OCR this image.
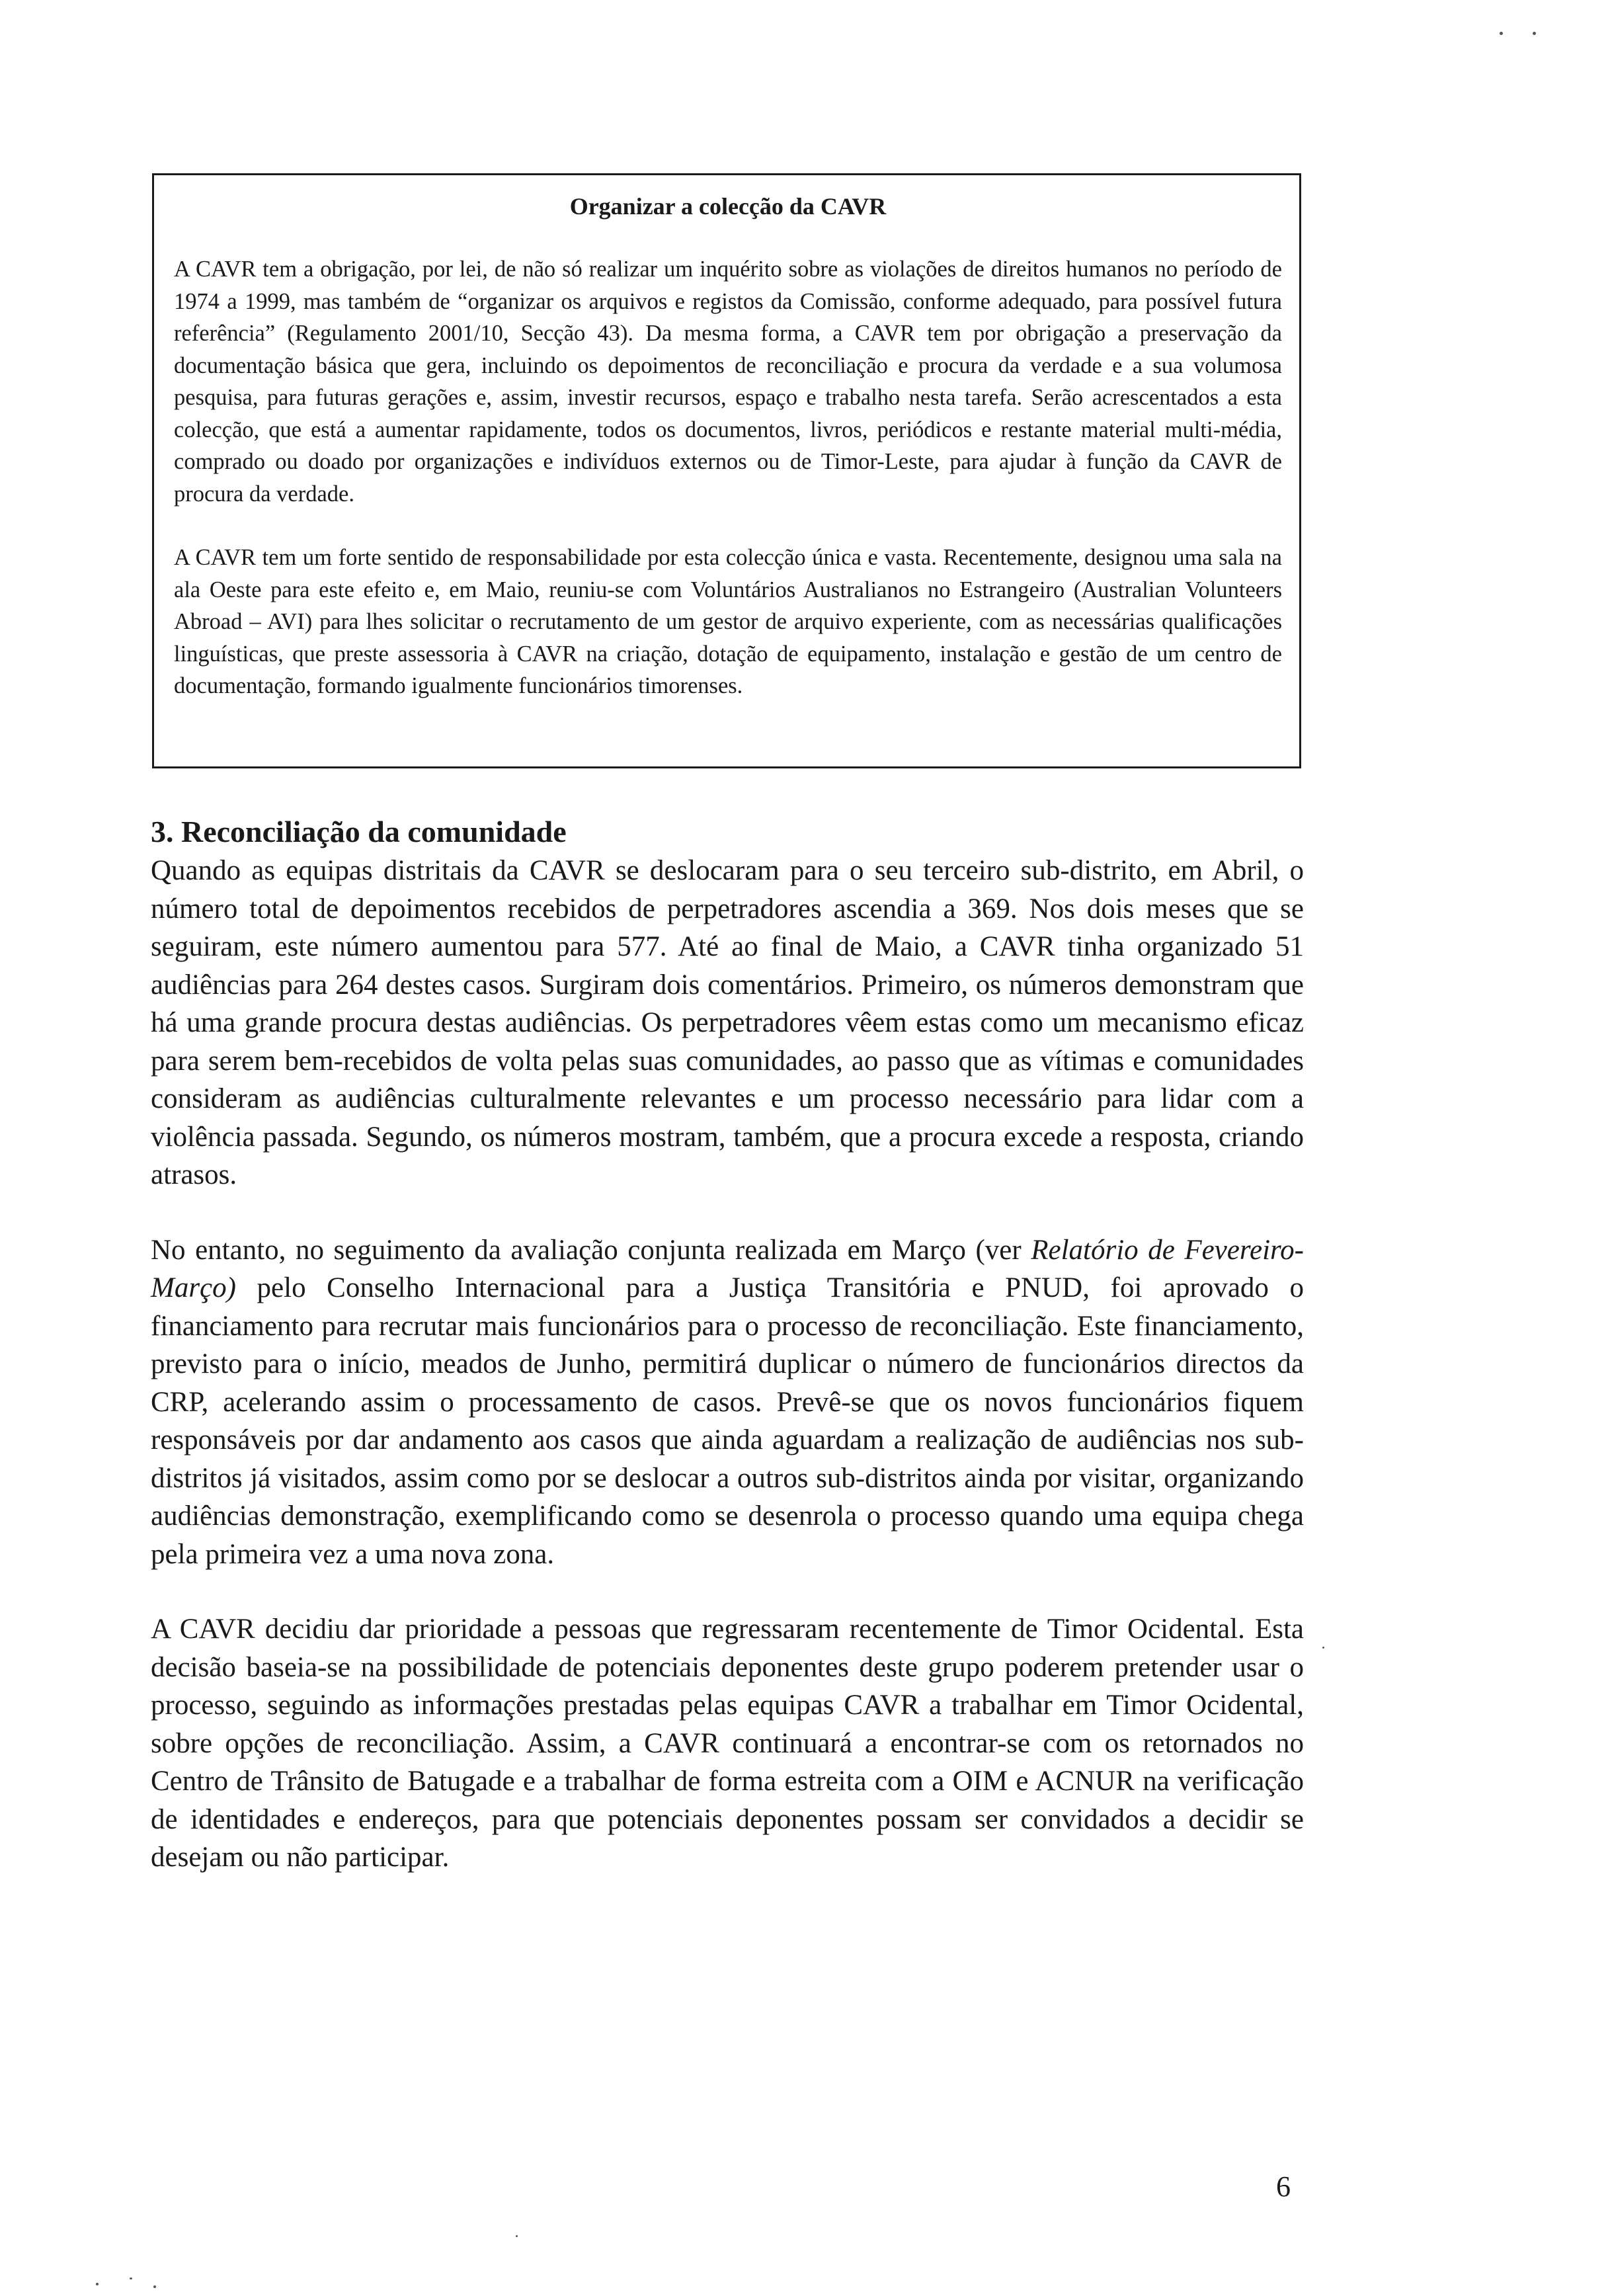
Organizar a colecção da CAVR

A CAVR tem a obrigação, por lei, de não só realizar um inquérito sobre as violações de direitos humanos no período de 1974 a 1999, mas também de “organizar os arquivos e registos da Comissão, conforme adequado, para possível futura referência” (Regulamento 2001/10, Secção 43). Da mesma forma, a CAVR tem por obrigação a preservação da documentação básica que gera, incluindo os depoimentos de reconciliação e procura da verdade e a sua volumosa pesquisa, para futuras gerações e, assim, investir recursos, espaço e trabalho nesta tarefa. Serão acrescentados a esta colecção, que está a aumentar rapidamente, todos os documentos, livros, periódicos e restante material multi-média, comprado ou doado por organizações e indivíduos externos ou de Timor-Leste, para ajudar à função da CAVR de procura da verdade.

A CAVR tem um forte sentido de responsabilidade por esta colecção única e vasta. Recentemente, designou uma sala na ala Oeste para este efeito e, em Maio, reuniu-se com Voluntários Australianos no Estrangeiro (Australian Volunteers Abroad – AVI) para lhes solicitar o recrutamento de um gestor de arquivo experiente, com as necessárias qualificações linguísticas, que preste assessoria à CAVR na criação, dotação de equipamento, instalação e gestão de um centro de documentação, formando igualmente funcionários timorenses.

3. Reconciliação da comunidade

Quando as equipas distritais da CAVR se deslocaram para o seu terceiro sub-distrito, em Abril, o número total de depoimentos recebidos de perpetradores ascendia a 369. Nos dois meses que se seguiram, este número aumentou para 577. Até ao final de Maio, a CAVR tinha organizado 51 audiências para 264 destes casos. Surgiram dois comentários. Primeiro, os números demonstram que há uma grande procura destas audiências. Os perpetradores vêem estas como um mecanismo eficaz para serem bem-recebidos de volta pelas suas comunidades, ao passo que as vítimas e comunidades consideram as audiências culturalmente relevantes e um processo necessário para lidar com a violência passada. Segundo, os números mostram, também, que a procura excede a resposta, criando atrasos.

No entanto, no seguimento da avaliação conjunta realizada em Março (ver Relatório de Fevereiro-Março) pelo Conselho Internacional para a Justiça Transitória e PNUD, foi aprovado o financiamento para recrutar mais funcionários para o processo de reconciliação. Este financiamento, previsto para o início, meados de Junho, permitirá duplicar o número de funcionários directos da CRP, acelerando assim o processamento de casos. Prevê-se que os novos funcionários fiquem responsáveis por dar andamento aos casos que ainda aguardam a realização de audiências nos sub-distritos já visitados, assim como por se deslocar a outros sub-distritos ainda por visitar, organizando audiências demonstração, exemplificando como se desenrola o processo quando uma equipa chega pela primeira vez a uma nova zona.

A CAVR decidiu dar prioridade a pessoas que regressaram recentemente de Timor Ocidental. Esta decisão baseia-se na possibilidade de potenciais deponentes deste grupo poderem pretender usar o processo, seguindo as informações prestadas pelas equipas CAVR a trabalhar em Timor Ocidental, sobre opções de reconciliação. Assim, a CAVR continuará a encontrar-se com os retornados no Centro de Trânsito de Batugade e a trabalhar de forma estreita com a OIM e ACNUR na verificação de identidades e endereços, para que potenciais deponentes possam ser convidados a decidir se desejam ou não participar.

6
